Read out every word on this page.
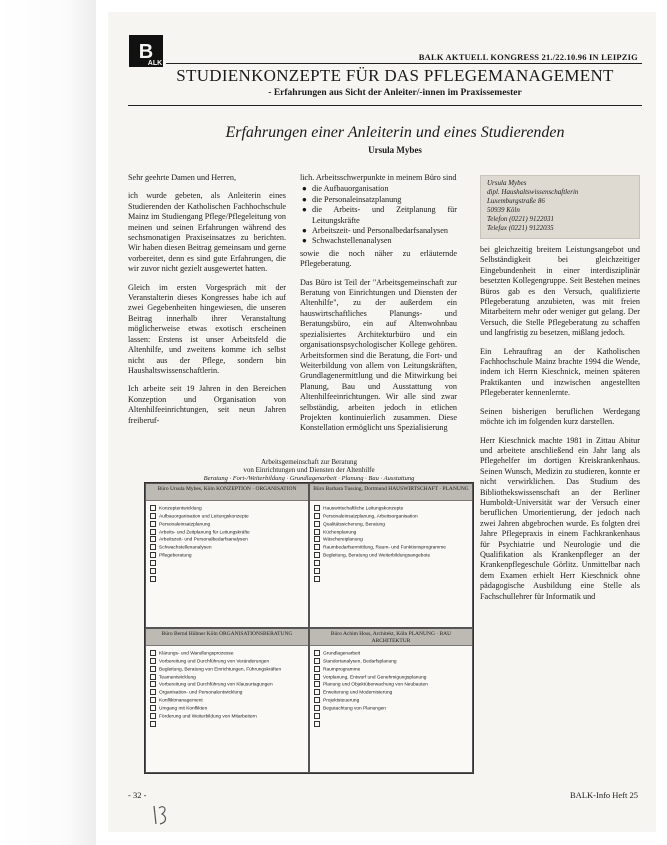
B
ALK
BALK AKTUELL KONGRESS 21./22.10.96 IN LEIPZIG
STUDIENKONZEPTE FÜR DAS PFLEGEMANAGEMENT
- Erfahrungen aus Sicht der Anleiter/-innen im Praxissemester
Erfahrungen einer Anleiterin und eines Studierenden
Ursula Mybes

Sehr geehrte Damen und Herren,

ich wurde gebeten, als Anleiterin eines Studierenden der Katholischen Fachhochschule Mainz im Studiengang Pflege/Pflegeleitung von meinen und seinen Erfahrungen während des sechsmonatigen Praxiseinsatzes zu berichten. Wir haben diesen Beitrag gemeinsam und gerne vorbereitet, denn es sind gute Erfahrungen, die wir zuvor nicht gezielt ausgewertet hatten.

Gleich im ersten Vorgespräch mit der Veranstalterin dieses Kongresses habe ich auf zwei Gegebenheiten hingewiesen, die unseren Beitrag innerhalb ihrer Veranstaltung möglicherweise etwas exotisch erscheinen lassen: Erstens ist unser Arbeitsfeld die Altenhilfe, und zweitens komme ich selbst nicht aus der Pflege, sondern bin Haushaltswissenschaftlerin.

Ich arbeite seit 19 Jahren in den Bereichen Konzeption und Organisation von Altenhilfeeinrichtungen, seit neun Jahren freiberuf-

lich. Arbeitsschwerpunkte in meinem Büro sind

● die Aufbauorganisation
● die Personaleinsatzplanung
● die Arbeits- und Zeitplanung für Leitungskräfte
● Arbeitszeit- und Personalbedarfsanalysen
● Schwachstellenanalysen

sowie die noch näher zu erläuternde Pflegeberatung.

Das Büro ist Teil der "Arbeitsgemeinschaft zur Beratung von Einrichtungen und Diensten der Altenhilfe", zu der außerdem ein hauswirtschaftliches Planungs- und Beratungsbüro, ein auf Altenwohnbau spezialisiertes Architekturbüro und ein organisationspsychologischer Kollege gehören. Arbeitsformen sind die Beratung, die Fort- und Weiterbildung von allem von Leitungskräften, Grundlagenermittlung und die Mitwirkung bei Planung, Bau und Ausstattung von Altenhilfeeinrichtungen. Wir alle sind zwar selbständig, arbeiten jedoch in etlichen Projekten kontinuierlich zusammen. Diese Konstellation ermöglicht uns Spezialisierung

Ursula Mybes
dipl. Haushaltswissenschaftlerin
Luxemburgstraße 86
50939 Köln
Telefon (0221) 9122031
Telefax (0221) 9122035

bei gleichzeitig breitem Leistungsangebot und Selbständigkeit bei gleichzeitiger Eingebundenheit in einer interdisziplinär besetzten Kollegengruppe. Seit Bestehen meines Büros gab es den Versuch, qualifizierte Pflegeberatung anzubieten, was mit freien Mitarbeitern mehr oder weniger gut gelang. Der Versuch, die Stelle Pflegeberatung zu schaffen und langfristig zu besetzen, mißlang jedoch.

Ein Lehrauftrag an der Katholischen Fachhochschule Mainz brachte 1994 die Wende, indem ich Herrn Kieschnick, meinen späteren Praktikanten und inzwischen angestellten Pflegeberater kennenlernte.

Seinen bisherigen beruflichen Werdegang möchte ich im folgenden kurz darstellen.

Herr Kieschnick machte 1981 in Zittau Abitur und arbeitete anschließend ein Jahr lang als Pflegehelfer im dortigen Kreiskrankenhaus. Seinen Wunsch, Medizin zu studieren, konnte er nicht verwirklichen. Das Studium des Bibliothekswissenschaft an der Berliner Humboldt-Universität war der Versuch einer beruflichen Umorientierung, der jedoch nach zwei Jahren abgebrochen wurde. Es folgten drei Jahre Pflegepraxis in einem Fachkrankenhaus für Psychiatrie und Neurologie und die Qualifikation als Krankenpfleger an der Krankenpflegeschule Görlitz. Unmittelbar nach dem Examen erhielt Herr Kieschnick ohne pädagogische Ausbildung eine Stelle als Fachschullehrer für Informatik und

Arbeitsgemeinschaft zur Beratung
von Einrichtungen und Diensten der Altenhilfe
Beratung · Fort-/Weiterbildung · Grundlagenarbeit · Planung · Bau · Ausstattung
Büro Ursula Mybes, Köln KONZEPTION · ORGANISATION
Konzeptentwicklung
Aufbauorganisation und Leitungskonzepte
Personaleinsatzplanung
Arbeits- und Zeitplanung für Leitungskräfte
Arbeitszeit- und Personalbedarfsanalysen
Schwachstellenanalysen
Pflegeberatung
Büro Barbara Tussing, Dortmund HAUSWIRTSCHAFT · PLANUNG
Hauswirtschaftliche Leitungskonzepte
Personaleinsatzplanung, Arbeitsorganisation
Qualitätssicherung, Beratung
Küchenplanung
Wäschereiplanung
Raumbedarfsermittlung, Raum- und Funktionsprogramme
Begleitung, Beratung und Weiterbildungsangebote
Büro Bernd Hübner Köln ORGANISATIONSBERATUNG
Klärungs- und Wandlungsprozesse
Vorbereitung und Durchführung von Veränderungen
Begleitung, Beratung von Einrichtungen, Führungskräften
Teamentwicklung
Vorbereitung und Durchführung von Klausurtagungen
Organisation- und Personalentwicklung
Konfliktmanagement
Umgang mit Konflikten
Förderung und Weiterbildung von Mitarbeitern
Büro Achim Hoss, Architekt, Köln PLANUNG · BAU ARCHITEKTUR
Grundlagenarbeit
Standortanalysen, Bedarfsplanung
Raumprogramme
Vorplanung, Entwurf und Genehmigungsplanung
Planung und Objektüberwachung von Neubauten
Erweiterung und Modernisierung
Projektsteuerung
Begutachtung von Planungen
- 32 -	BALK-Info Heft 25
